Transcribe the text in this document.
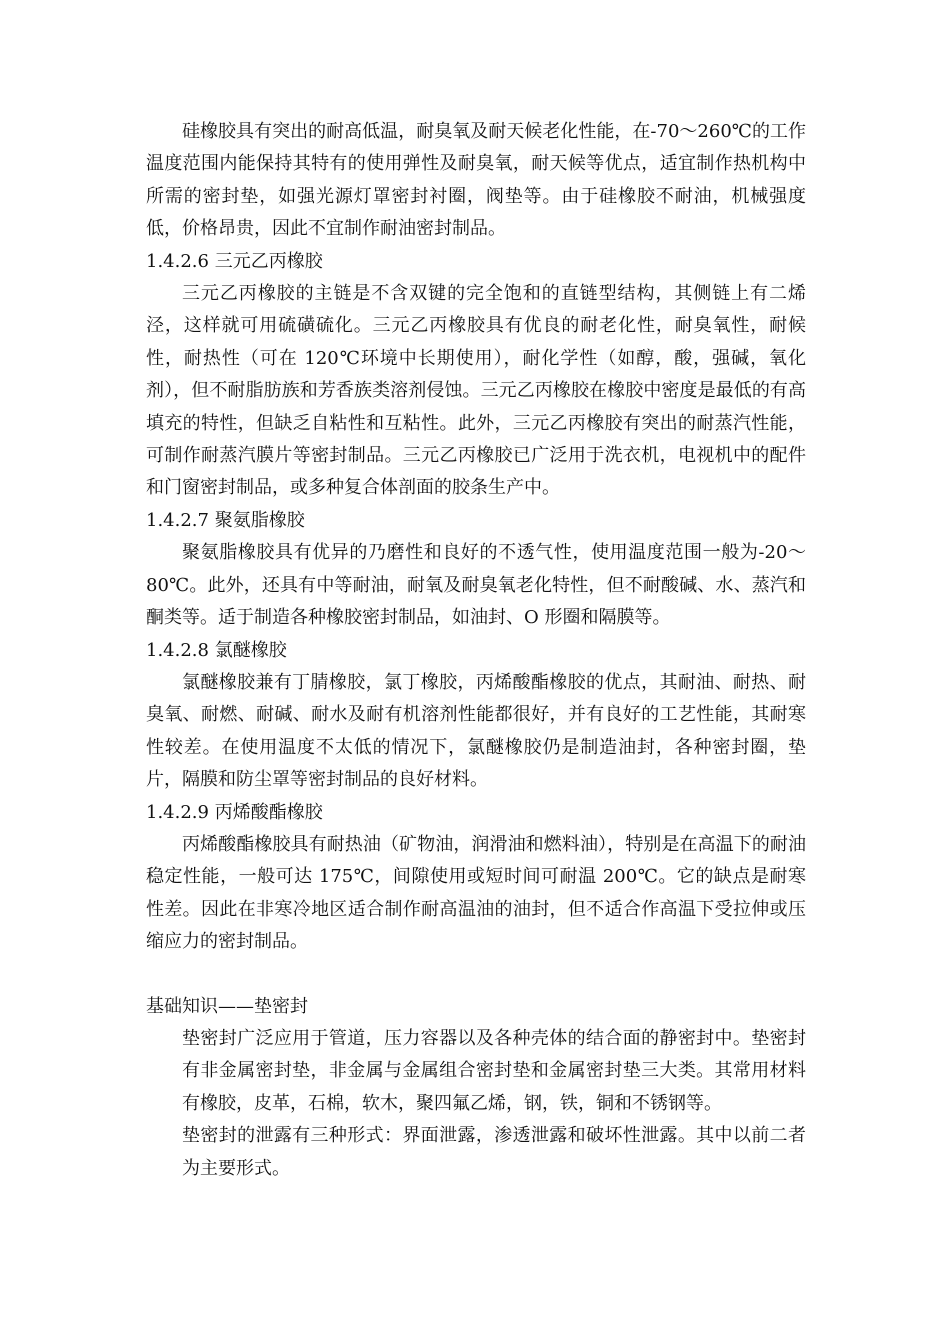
硅橡胶具有突出的耐高低温，耐臭氧及耐天候老化性能，在-70～260℃的工作温度范围内能保持其特有的使用弹性及耐臭氧，耐天候等优点，适宜制作热机构中所需的密封垫，如强光源灯罩密封衬圈，阀垫等。由于硅橡胶不耐油，机械强度低，价格昂贵，因此不宜制作耐油密封制品。

1.4.2.6 三元乙丙橡胶

三元乙丙橡胶的主链是不含双键的完全饱和的直链型结构，其侧链上有二烯泾，这样就可用硫磺硫化。三元乙丙橡胶具有优良的耐老化性，耐臭氧性，耐候性，耐热性（可在 120℃环境中长期使用），耐化学性（如醇，酸，强碱，氧化剂），但不耐脂肪族和芳香族类溶剂侵蚀。三元乙丙橡胶在橡胶中密度是最低的有高填充的特性，但缺乏自粘性和互粘性。此外，三元乙丙橡胶有突出的耐蒸汽性能，可制作耐蒸汽膜片等密封制品。三元乙丙橡胶已广泛用于洗衣机，电视机中的配件和门窗密封制品，或多种复合体剖面的胶条生产中。

1.4.2.7 聚氨脂橡胶

聚氨脂橡胶具有优异的乃磨性和良好的不透气性，使用温度范围一般为-20～80℃。此外，还具有中等耐油，耐氧及耐臭氧老化特性，但不耐酸碱、水、蒸汽和酮类等。适于制造各种橡胶密封制品，如油封、O 形圈和隔膜等。

1.4.2.8 氯醚橡胶

氯醚橡胶兼有丁腈橡胶，氯丁橡胶，丙烯酸酯橡胶的优点，其耐油、耐热、耐臭氧、耐燃、耐碱、耐水及耐有机溶剂性能都很好，并有良好的工艺性能，其耐寒性较差。在使用温度不太低的情况下，氯醚橡胶仍是制造油封，各种密封圈，垫片，隔膜和防尘罩等密封制品的良好材料。

1.4.2.9 丙烯酸酯橡胶

丙烯酸酯橡胶具有耐热油（矿物油，润滑油和燃料油），特别是在高温下的耐油稳定性能，一般可达 175℃，间隙使用或短时间可耐温 200℃。它的缺点是耐寒性差。因此在非寒冷地区适合制作耐高温油的油封，但不适合作高温下受拉伸或压缩应力的密封制品。

基础知识——垫密封

垫密封广泛应用于管道，压力容器以及各种壳体的结合面的静密封中。垫密封有非金属密封垫，非金属与金属组合密封垫和金属密封垫三大类。其常用材料有橡胶，皮革，石棉，软木，聚四氟乙烯，钢，铁，铜和不锈钢等。

垫密封的泄露有三种形式：界面泄露，渗透泄露和破坏性泄露。其中以前二者为主要形式。
